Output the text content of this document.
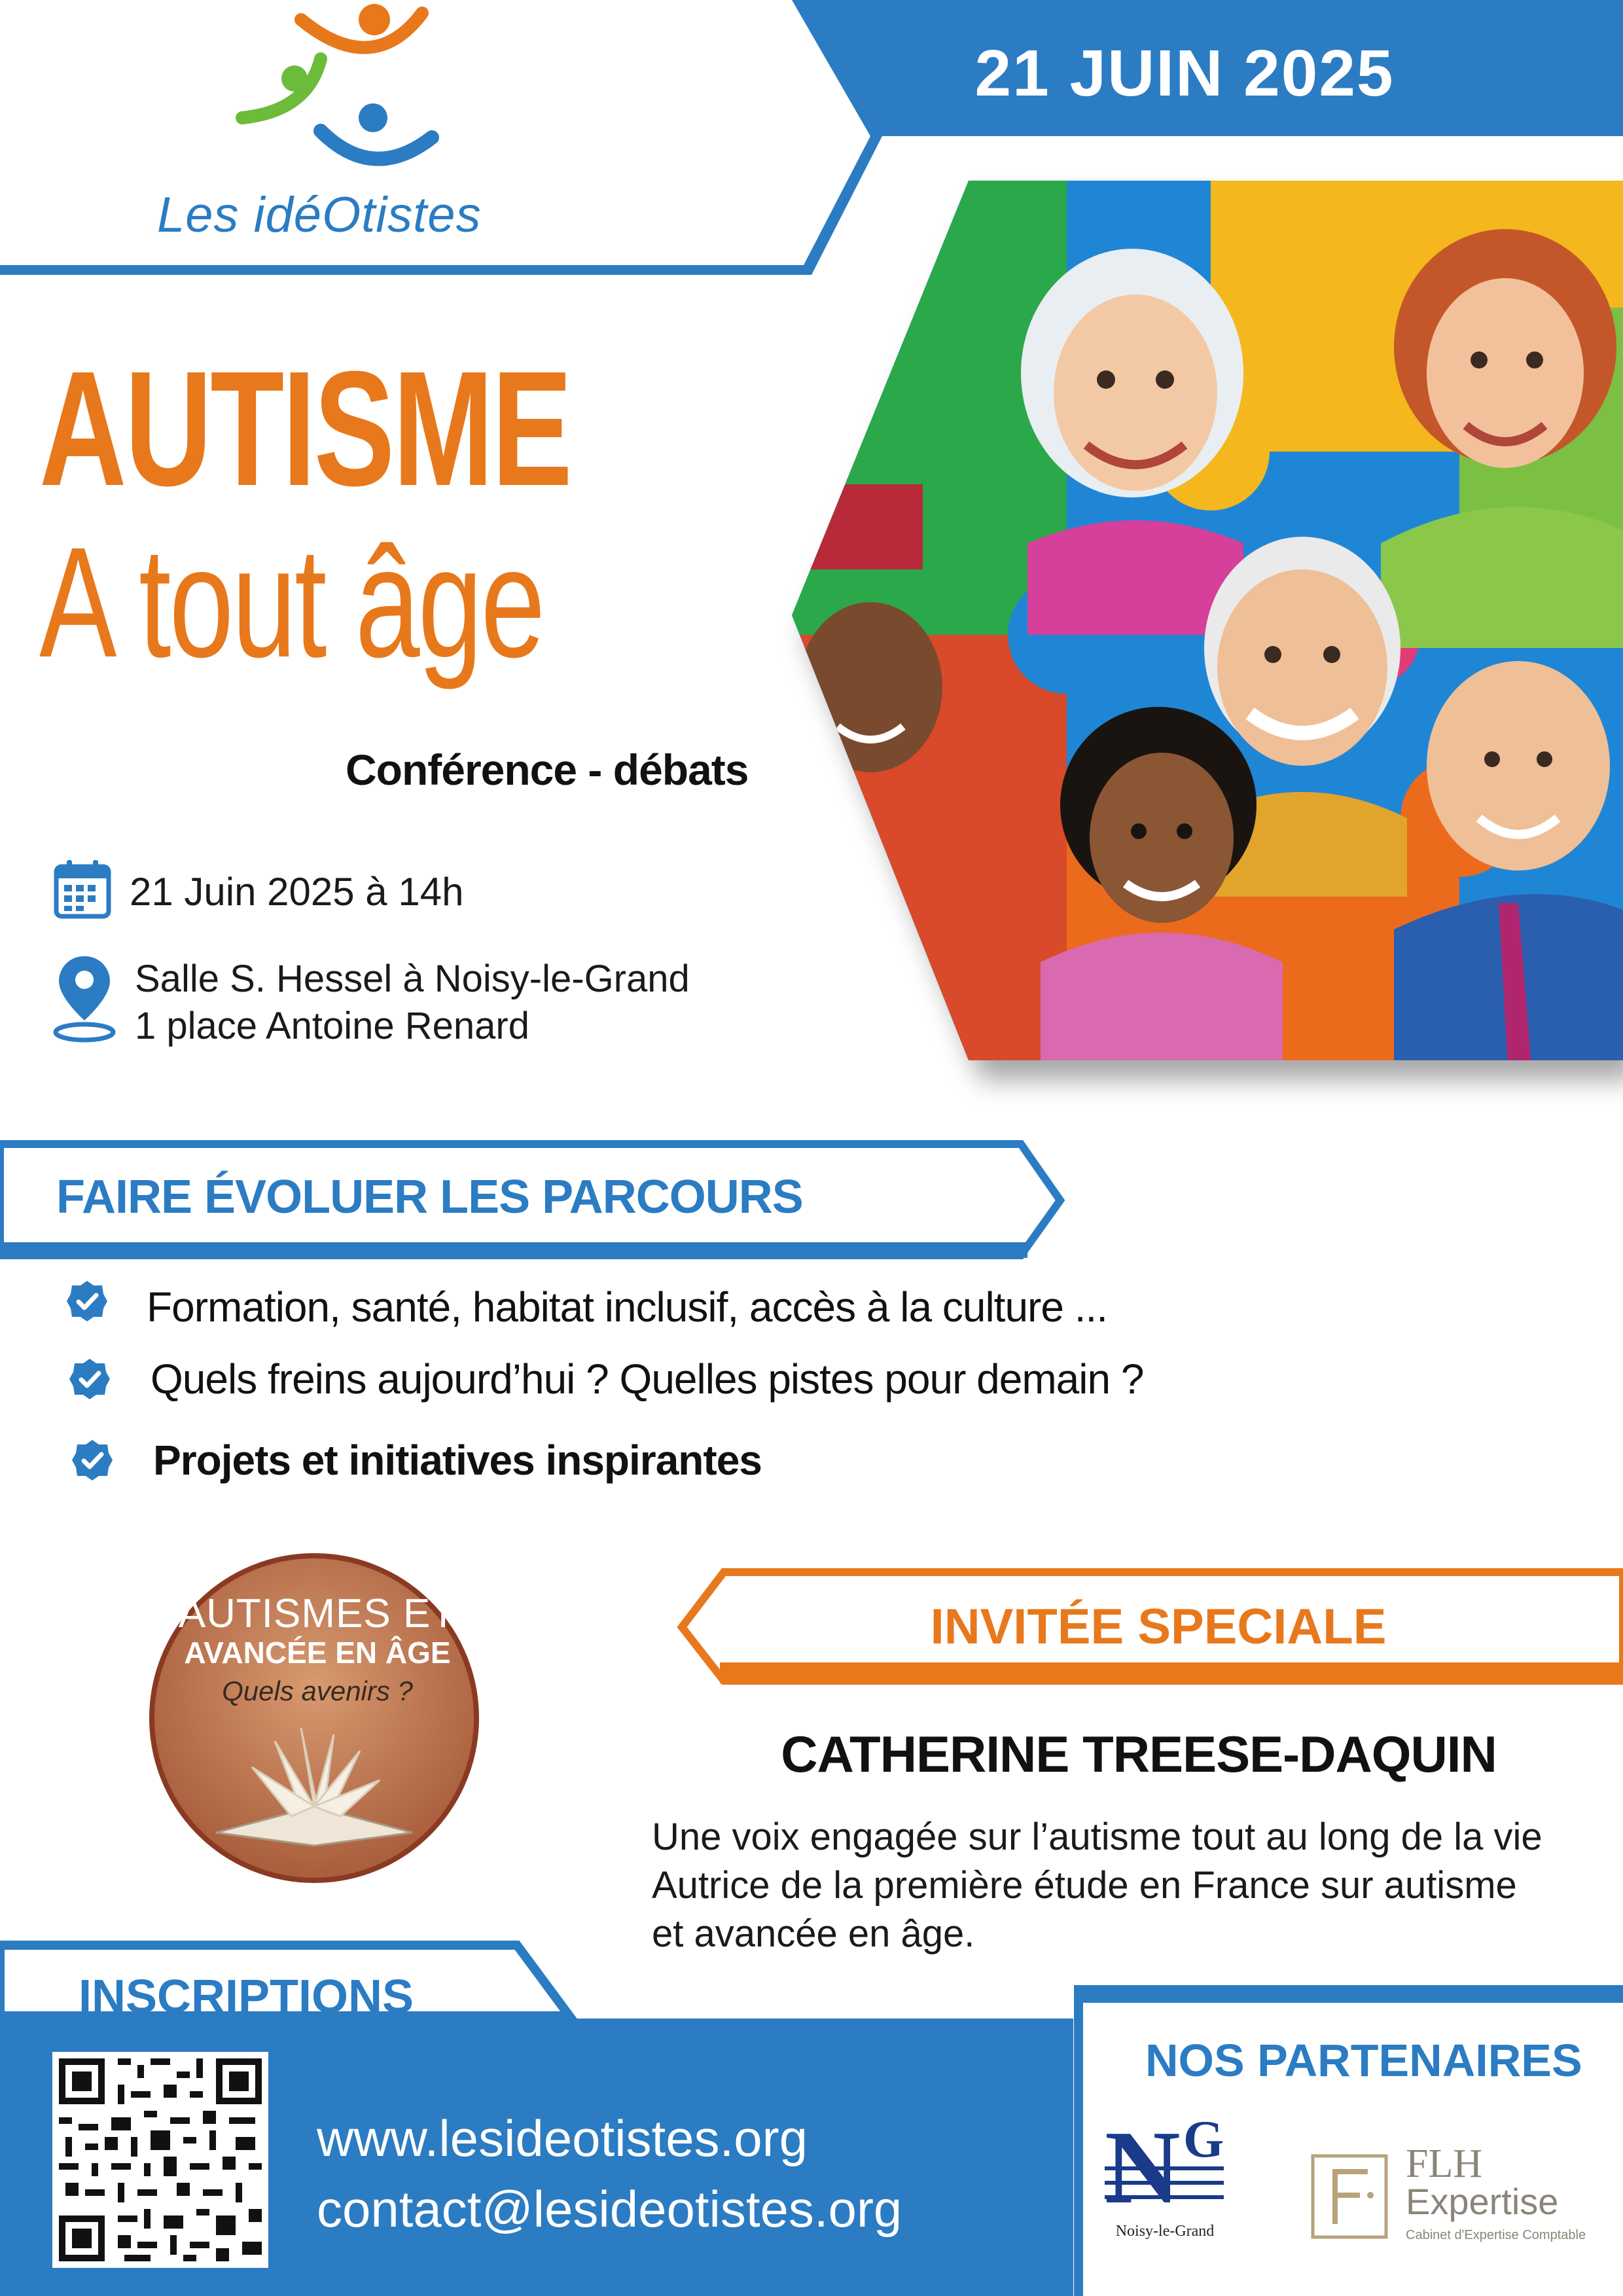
Les idéOtistes
21 JUIN 2025
AUTISME
A tout âge
Conférence - débats
21 Juin 2025 à 14h
Salle S. Hessel à Noisy-le-Grand
1 place Antoine Renard
FAIRE ÉVOLUER LES PARCOURS
Formation, santé, habitat inclusif, accès à la culture ...
Quels freins aujourd’hui ? Quelles pistes pour demain ?
Projets et initiatives inspirantes
AUTISMES ET
AVANCÉE EN ÂGE
Quels avenirs ?
INVITÉE SPECIALE
CATHERINE TREESE-DAQUIN
Une voix engagée sur l’autisme tout au long de la vie
Autrice de la première étude en France sur autisme
et avancée en âge.
INSCRIPTIONS
www.lesideotistes.org
contact@lesideotistes.org
NOS PARTENAIRES
N G
Noisy-le-Grand
FLH
Expertise
Cabinet d'Expertise Comptable
